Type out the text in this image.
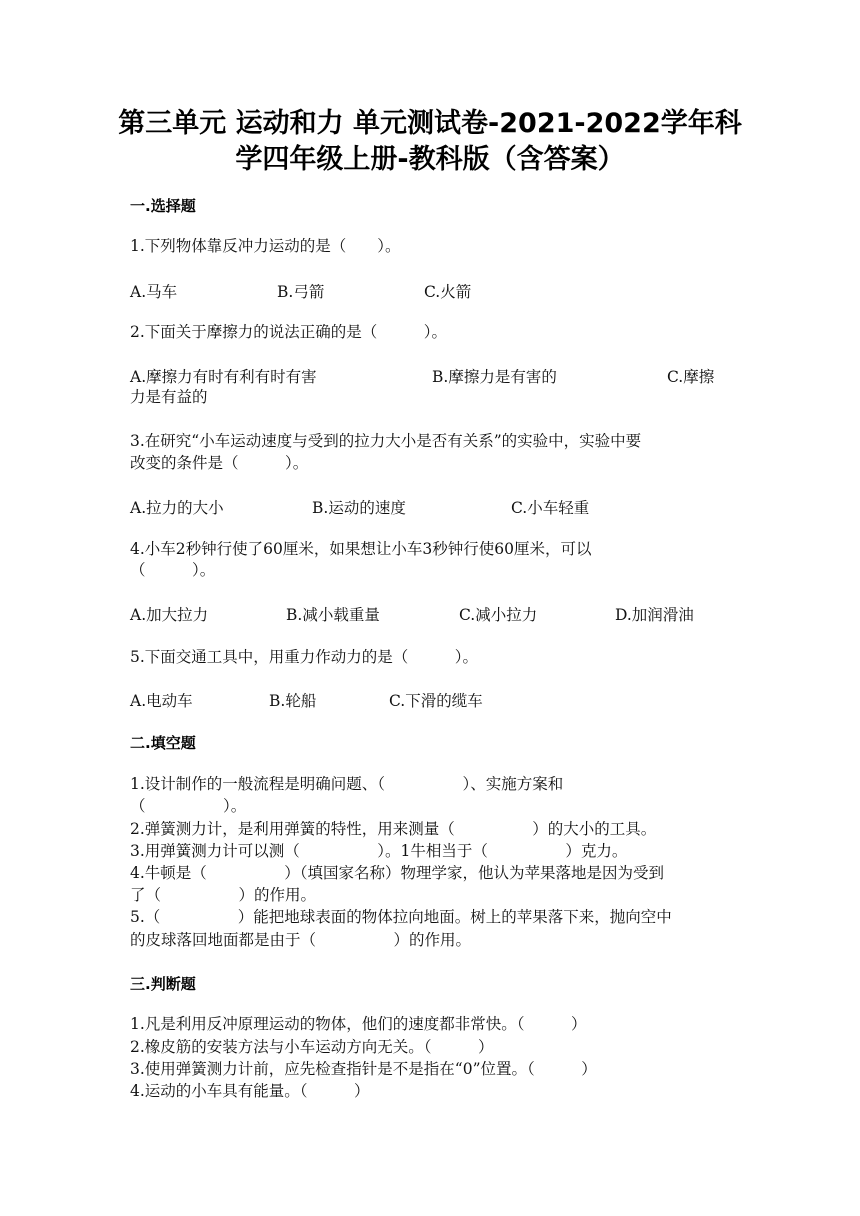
第三单元 运动和力 单元测试卷-2021-2022学年科
学四年级上册-教科版（含答案）
一.选择题
1.下列物体靠反冲力运动的是（　　）。
A.马车	B.弓箭	C.火箭
2.下面关于摩擦力的说法正确的是（　　　）。
A.摩擦力有时有利有时有害	B.摩擦力是有害的	C.摩擦
力是有益的
3.在研究“小车运动速度与受到的拉力大小是否有关系”的实验中，实验中要
改变的条件是（　　　）。
A.拉力的大小	B.运动的速度	C.小车轻重
4.小车2秒钟行使了60厘米，如果想让小车3秒钟行使60厘米，可以
（　　　）。
A.加大拉力	B.减小载重量	C.减小拉力	D.加润滑油
5.下面交通工具中，用重力作动力的是（　　　）。
A.电动车	B.轮船	C.下滑的缆车
二.填空题
1.设计制作的一般流程是明确问题、（　　　　　）、实施方案和
（　　　　　）。
2.弹簧测力计，是利用弹簧的特性，用来测量（　　　　　）的大小的工具。
3.用弹簧测力计可以测（　　　　　）。1牛相当于（　　　　　）克力。
4.牛顿是（　　　　　）（填国家名称）物理学家，他认为苹果落地是因为受到
了（　　　　　）的作用。
5.（　　　　　）能把地球表面的物体拉向地面。树上的苹果落下来，抛向空中
的皮球落回地面都是由于（　　　　　）的作用。
三.判断题
1.凡是利用反冲原理运动的物体，他们的速度都非常快。（　　　）
2.橡皮筋的安装方法与小车运动方向无关。（　　　）
3.使用弹簧测力计前，应先检查指针是不是指在“0”位置。（　　　）
4.运动的小车具有能量。（　　　）
